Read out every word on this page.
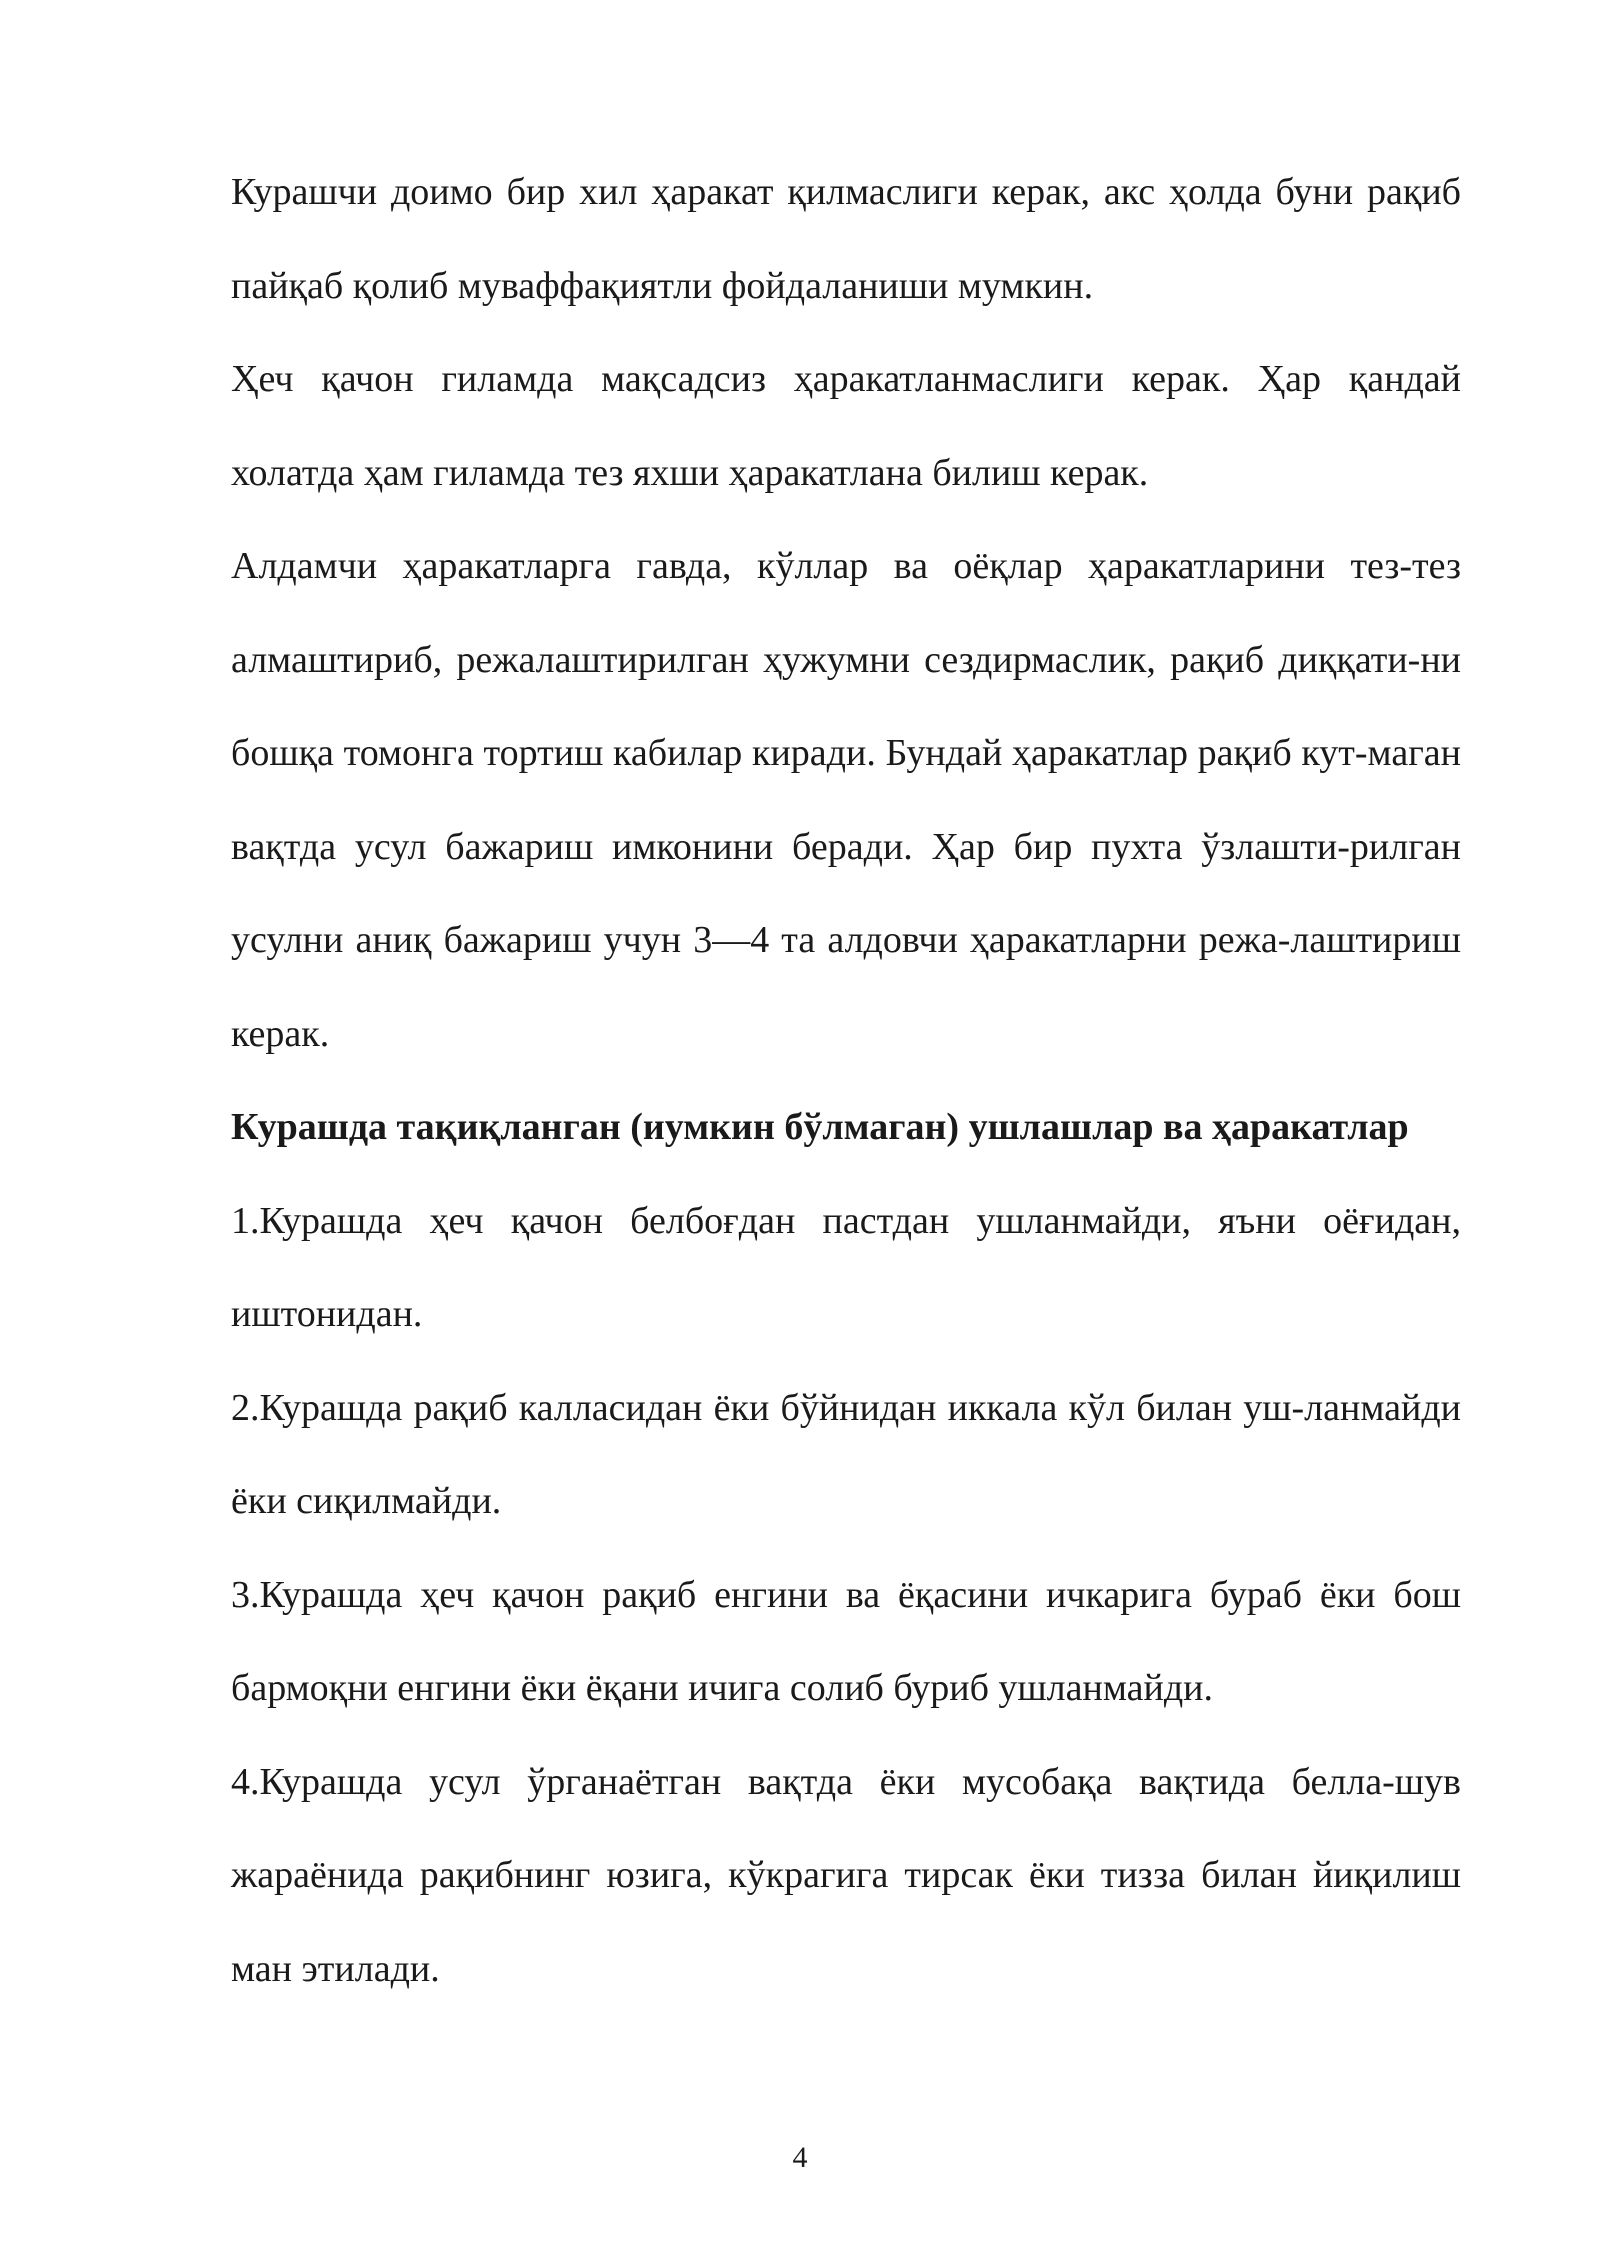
Курашчи доимо бир хил ҳаракат қилмаслиги керак, акс ҳолда буни рақиб пайқаб қолиб муваффақиятли фойдаланиши мумкин.

Ҳеч қачон гиламда мақсадсиз ҳаракатланмаслиги керак. Ҳар қандай холатда ҳам гиламда тез яхши ҳаракатлана билиш керак.

Алдамчи ҳаракатларга гавда, кўллар ва оёқлар ҳаракатларини тез-тез алмаштириб, режалаштирилган ҳужумни сездирмаслик, рақиб диққати-ни бошқа томонга тортиш кабилар киради. Бундай ҳаракатлар рақиб кут-маган вақтда усул бажариш имконини беради. Ҳар бир пухта ўзлашти-рилган усулни аниқ бажариш учун 3—4 та алдовчи ҳаракатларни режа-лаштириш керак.

Курашда тақиқланган (иумкин бўлмаган) ушлашлар ва ҳаракатлар

1.Курашда ҳеч қачон белбоғдан пастдан ушланмайди, яъни оёғидан, иштонидан.

2.Курашда рақиб калласидан ёки бўйнидан иккала кўл билан уш-ланмайди ёки сиқилмайди.

3.Курашда ҳеч қачон рақиб енгини ва ёқасини ичкарига бураб ёки бош бармоқни енгини ёки ёқани ичига солиб буриб ушланмайди.

4.Курашда усул ўрганаётган вақтда ёки мусобақа вақтида белла-шув жараёнида рақибнинг юзига, кўкрагига тирсак ёки тизза билан йиқилиш ман этилади.

4
